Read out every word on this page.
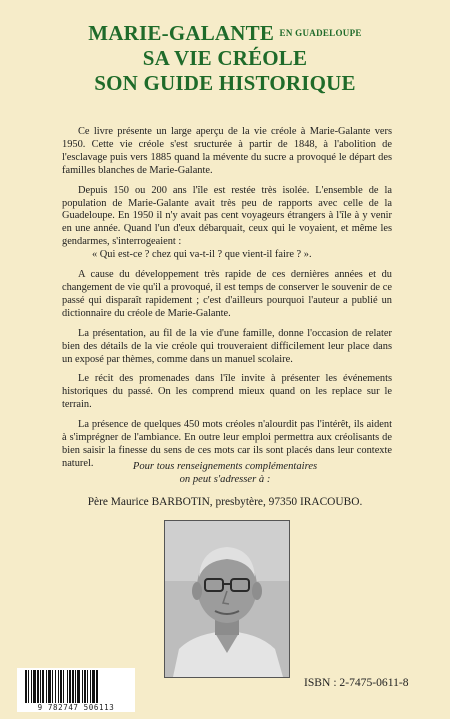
MARIE-GALANTE EN GUADELOUPE
SA VIE CRÉOLE
SON GUIDE HISTORIQUE

Ce livre présente un large aperçu de la vie créole à Marie-Galante vers 1950. Cette vie créole s'est sructurée à partir de 1848, à l'abolition de l'esclavage puis vers 1885 quand la mévente du sucre a provoqué le départ des familles blanches de Marie-Galante.

Depuis 150 ou 200 ans l'île est restée très isolée. L'ensemble de la population de Marie-Galante avait très peu de rapports avec celle de la Guadeloupe. En 1950 il n'y avait pas cent voyageurs étrangers à l'île à y venir en une année. Quand l'un d'eux débarquait, ceux qui le voyaient, et même les gendarmes, s'interrogeaient :

« Qui est-ce ? chez qui va-t-il ? que vient-il faire ? ».

A cause du développement très rapide de ces dernières années et du changement de vie qu'il a provoqué, il est temps de conserver le souvenir de ce passé qui disparaît rapidement ; c'est d'ailleurs pourquoi l'auteur a publié un dictionnaire du créole de Marie-Galante.

La présentation, au fil de la vie d'une famille, donne l'occasion de relater bien des détails de la vie créole qui trouveraient difficilement leur place dans un exposé par thèmes, comme dans un manuel scolaire.

Le récit des promenades dans l'île invite à présenter les événements historiques du passé. On les comprend mieux quand on les replace sur le terrain.

La présence de quelques 450 mots créoles n'alourdit pas l'intérêt, ils aident à s'imprégner de l'ambiance. En outre leur emploi permettra aux créolisants de bien saisir la finesse du sens de ces mots car ils sont placés dans leur contexte naturel.	Pour tous renseignements complémentaires
on peut s'adresser à :
Père Maurice BARBOTIN, presbytère, 97350 IRACOUBO.
9 782747 506113
ISBN : 2-7475-0611-8
